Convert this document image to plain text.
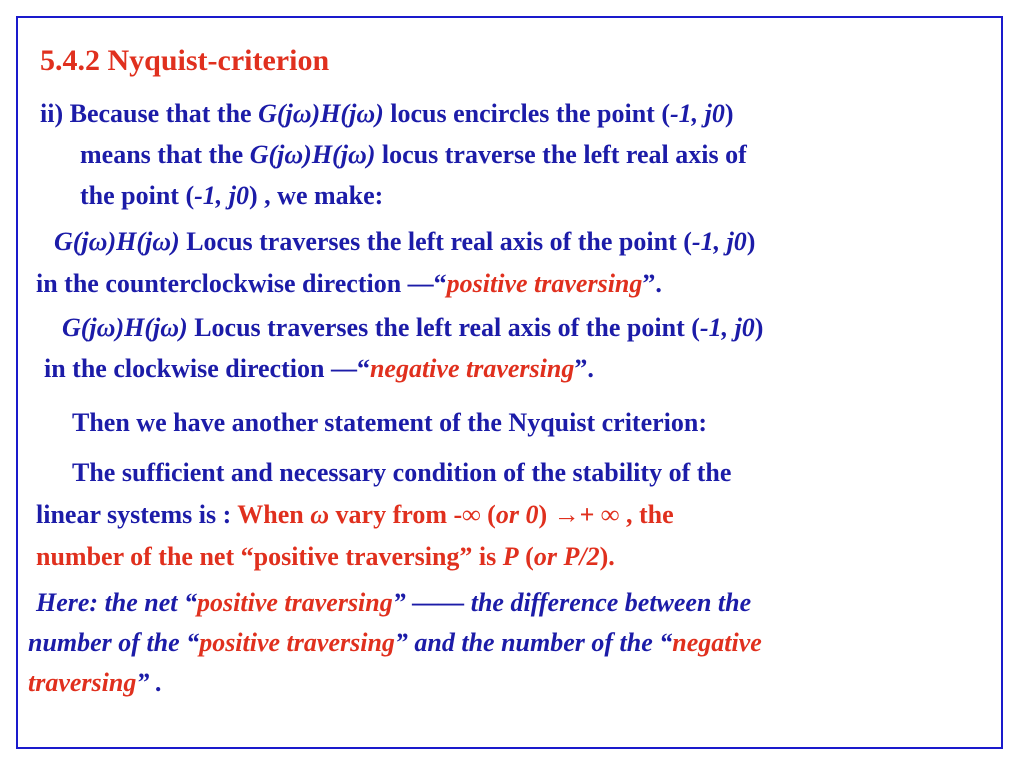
5.4.2 Nyquist-criterion
ii) Because that the G(jω)H(jω) locus encircles the point (-1, j0)
means that the G(jω)H(jω) locus traverse the left real axis of
the point (-1, j0) , we make:
G(jω)H(jω) Locus traverses the left real axis of the point (-1, j0)
in the counterclockwise direction —“positive traversing”.
G(jω)H(jω) Locus traverses the left real axis of the point (-1, j0)
in the clockwise direction —“negative traversing”.
Then we have another statement of the Nyquist criterion:
The sufficient and necessary condition of the stability of the
linear systems is : When ω vary from -∞ (or 0) →+ ∞ , the
number of the net “positive traversing” is P (or P/2).
Here: the net “positive traversing” —— the difference between the
number of the “positive traversing” and the number of the “negative
traversing” .
